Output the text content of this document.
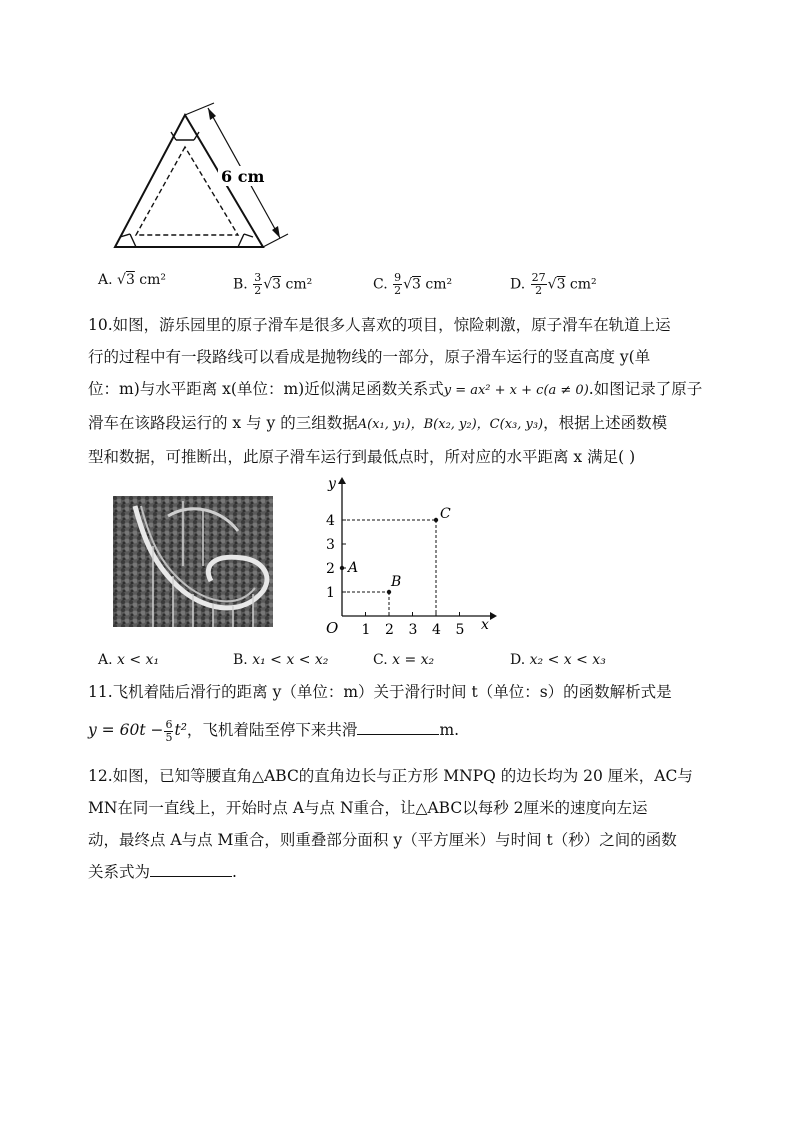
6 cm
A. √3 cm²	B. $\frac{3}{2} √3$ cm²	C. $\frac{9}{2} √3$ cm²	D. $\frac{27}{2} √3$ cm²

10.如图，游乐园里的原子滑车是很多人喜欢的项目，惊险刺激，原子滑车在轨道上运

行的过程中有一段路线可以看成是抛物线的一部分，原子滑车运行的竖直高度 y(单

位：m)与水平距离 x(单位：m)近似满足函数关系式y = ax² + x + c(a ≠ 0).如图记录了原子

滑车在该路段运行的 x 与 y 的三组数据A(x₁, y₁)，B(x₂, y₂)，C(x₃, y₃)，根据上述函数模

型和数据，可推断出，此原子滑车运行到最低点时，所对应的水平距离 x 满足( )

x
y
O 1 2 3 4 5
1
2
3
4
A
B
C
A. x < x₁	B. x₁ < x < x₂	C. x = x₂	D. x₂ < x < x₃

11.飞机着陆后滑行的距离 y（单位：m）关于滑行时间 t（单位：s）的函数解析式是

$y = 60t - \frac{6}{5} t^2$，飞机着陆至停下来共滑	m.

12.如图，已知等腰直角△ABC的直角边长与正方形 MNPQ 的边长均为 20 厘米，AC与

MN在同一直线上，开始时点 A与点 N重合，让△ABC以每秒 2厘米的速度向左运

动，最终点 A与点 M重合，则重叠部分面积 y（平方厘米）与时间 t（秒）之间的函数

关系式为	.
